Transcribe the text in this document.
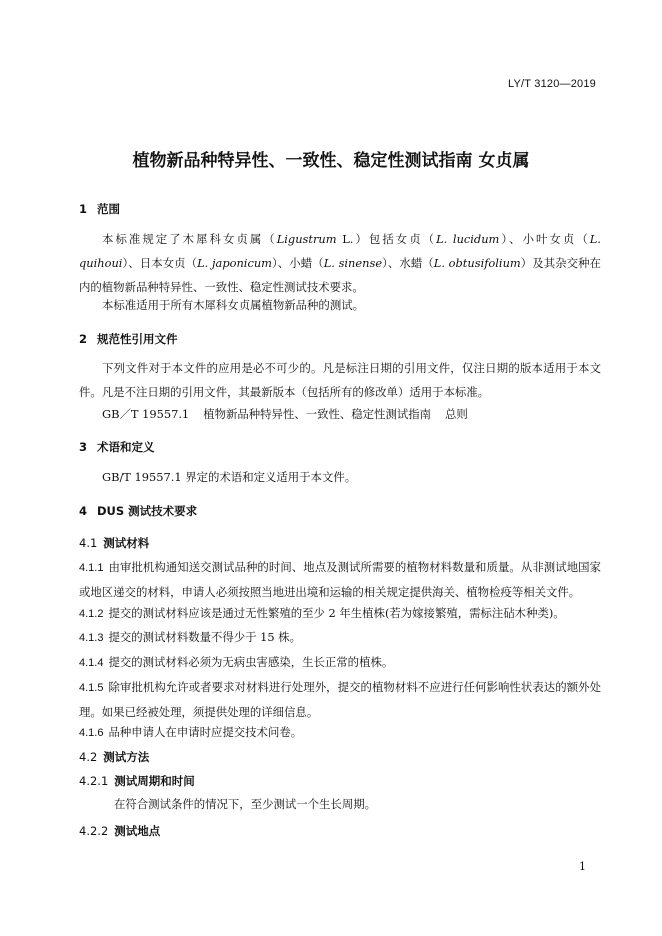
LY/T 3120—2019
植物新品种特异性、一致性、稳定性测试指南 女贞属
1 范围
本标准规定了木犀科女贞属（Ligustrum L.）包括女贞（L. lucidum）、小叶女贞（L. quihoui）、日本女贞（L. japonicum）、小蜡（L. sinense）、水蜡（L. obtusifolium）及其杂交种在内的植物新品种特异性、一致性、稳定性测试技术要求。
本标准适用于所有木犀科女贞属植物新品种的测试。
2 规范性引用文件
下列文件对于本文件的应用是必不可少的。凡是标注日期的引用文件，仅注日期的版本适用于本文件。凡是不注日期的引用文件，其最新版本（包括所有的修改单）适用于本标准。
GB／T 19557.1 植物新品种特异性、一致性、稳定性测试指南 总则
3 术语和定义
GB/T 19557.1 界定的术语和定义适用于本文件。
4 DUS 测试技术要求
4.1 测试材料
4.1.1 由审批机构通知送交测试品种的时间、地点及测试所需要的植物材料数量和质量。从非测试地国家或地区递交的材料，申请人必须按照当地进出境和运输的相关规定提供海关、植物检疫等相关文件。
4.1.2 提交的测试材料应该是通过无性繁殖的至少 2 年生植株(若为嫁接繁殖，需标注砧木种类)。
4.1.3 提交的测试材料数量不得少于 15 株。
4.1.4 提交的测试材料必须为无病虫害感染，生长正常的植株。
4.1.5 除审批机构允许或者要求对材料进行处理外，提交的植物材料不应进行任何影响性状表达的额外处理。如果已经被处理，须提供处理的详细信息。
4.1.6 品种申请人在申请时应提交技术问卷。
4.2 测试方法
4.2.1 测试周期和时间
在符合测试条件的情况下，至少测试一个生长周期。
4.2.2 测试地点
1
